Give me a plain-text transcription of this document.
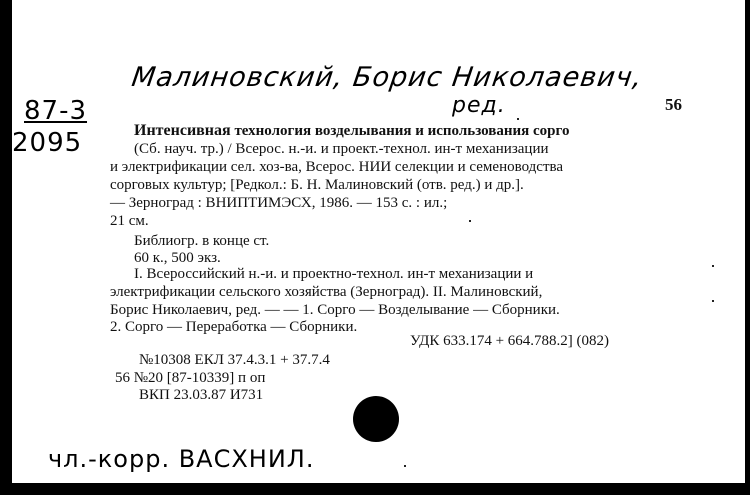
Малиновский, Борис Николаевич,
ред.
87-3
2095
чл.-корр. ВАСХНИЛ.
56
Интенсивная технология возделывания и использования сорго
(Сб. науч. тр.) / Всерос. н.-и. и проект.-технол. ин-т механизации
и электрификации сел. хоз-ва, Всерос. НИИ селекции и семеноводства
сорговых культур; [Редкол.: Б. Н. Малиновский (отв. ред.) и др.].
— Зерноград : ВНИПТИМЭСХ, 1986. — 153 с. : ил.;
21 см.
Библиогр. в конце ст.
60 к., 500 экз.
I. Всероссийский н.-и. и проектно-технол. ин-т механизации и
электрификации сельского хозяйства (Зерноград). II. Малиновский,
Борис Николаевич, ред. — — 1. Сорго — Возделывание — Сборники.
2. Сорго — Переработка — Сборники.
УДК 633.174 + 664.788.2] (082)
№10308 ЕКЛ 37.4.3.1 + 37.7.4
56 №20 [87-10339] п оп
ВКП 23.03.87 И731
